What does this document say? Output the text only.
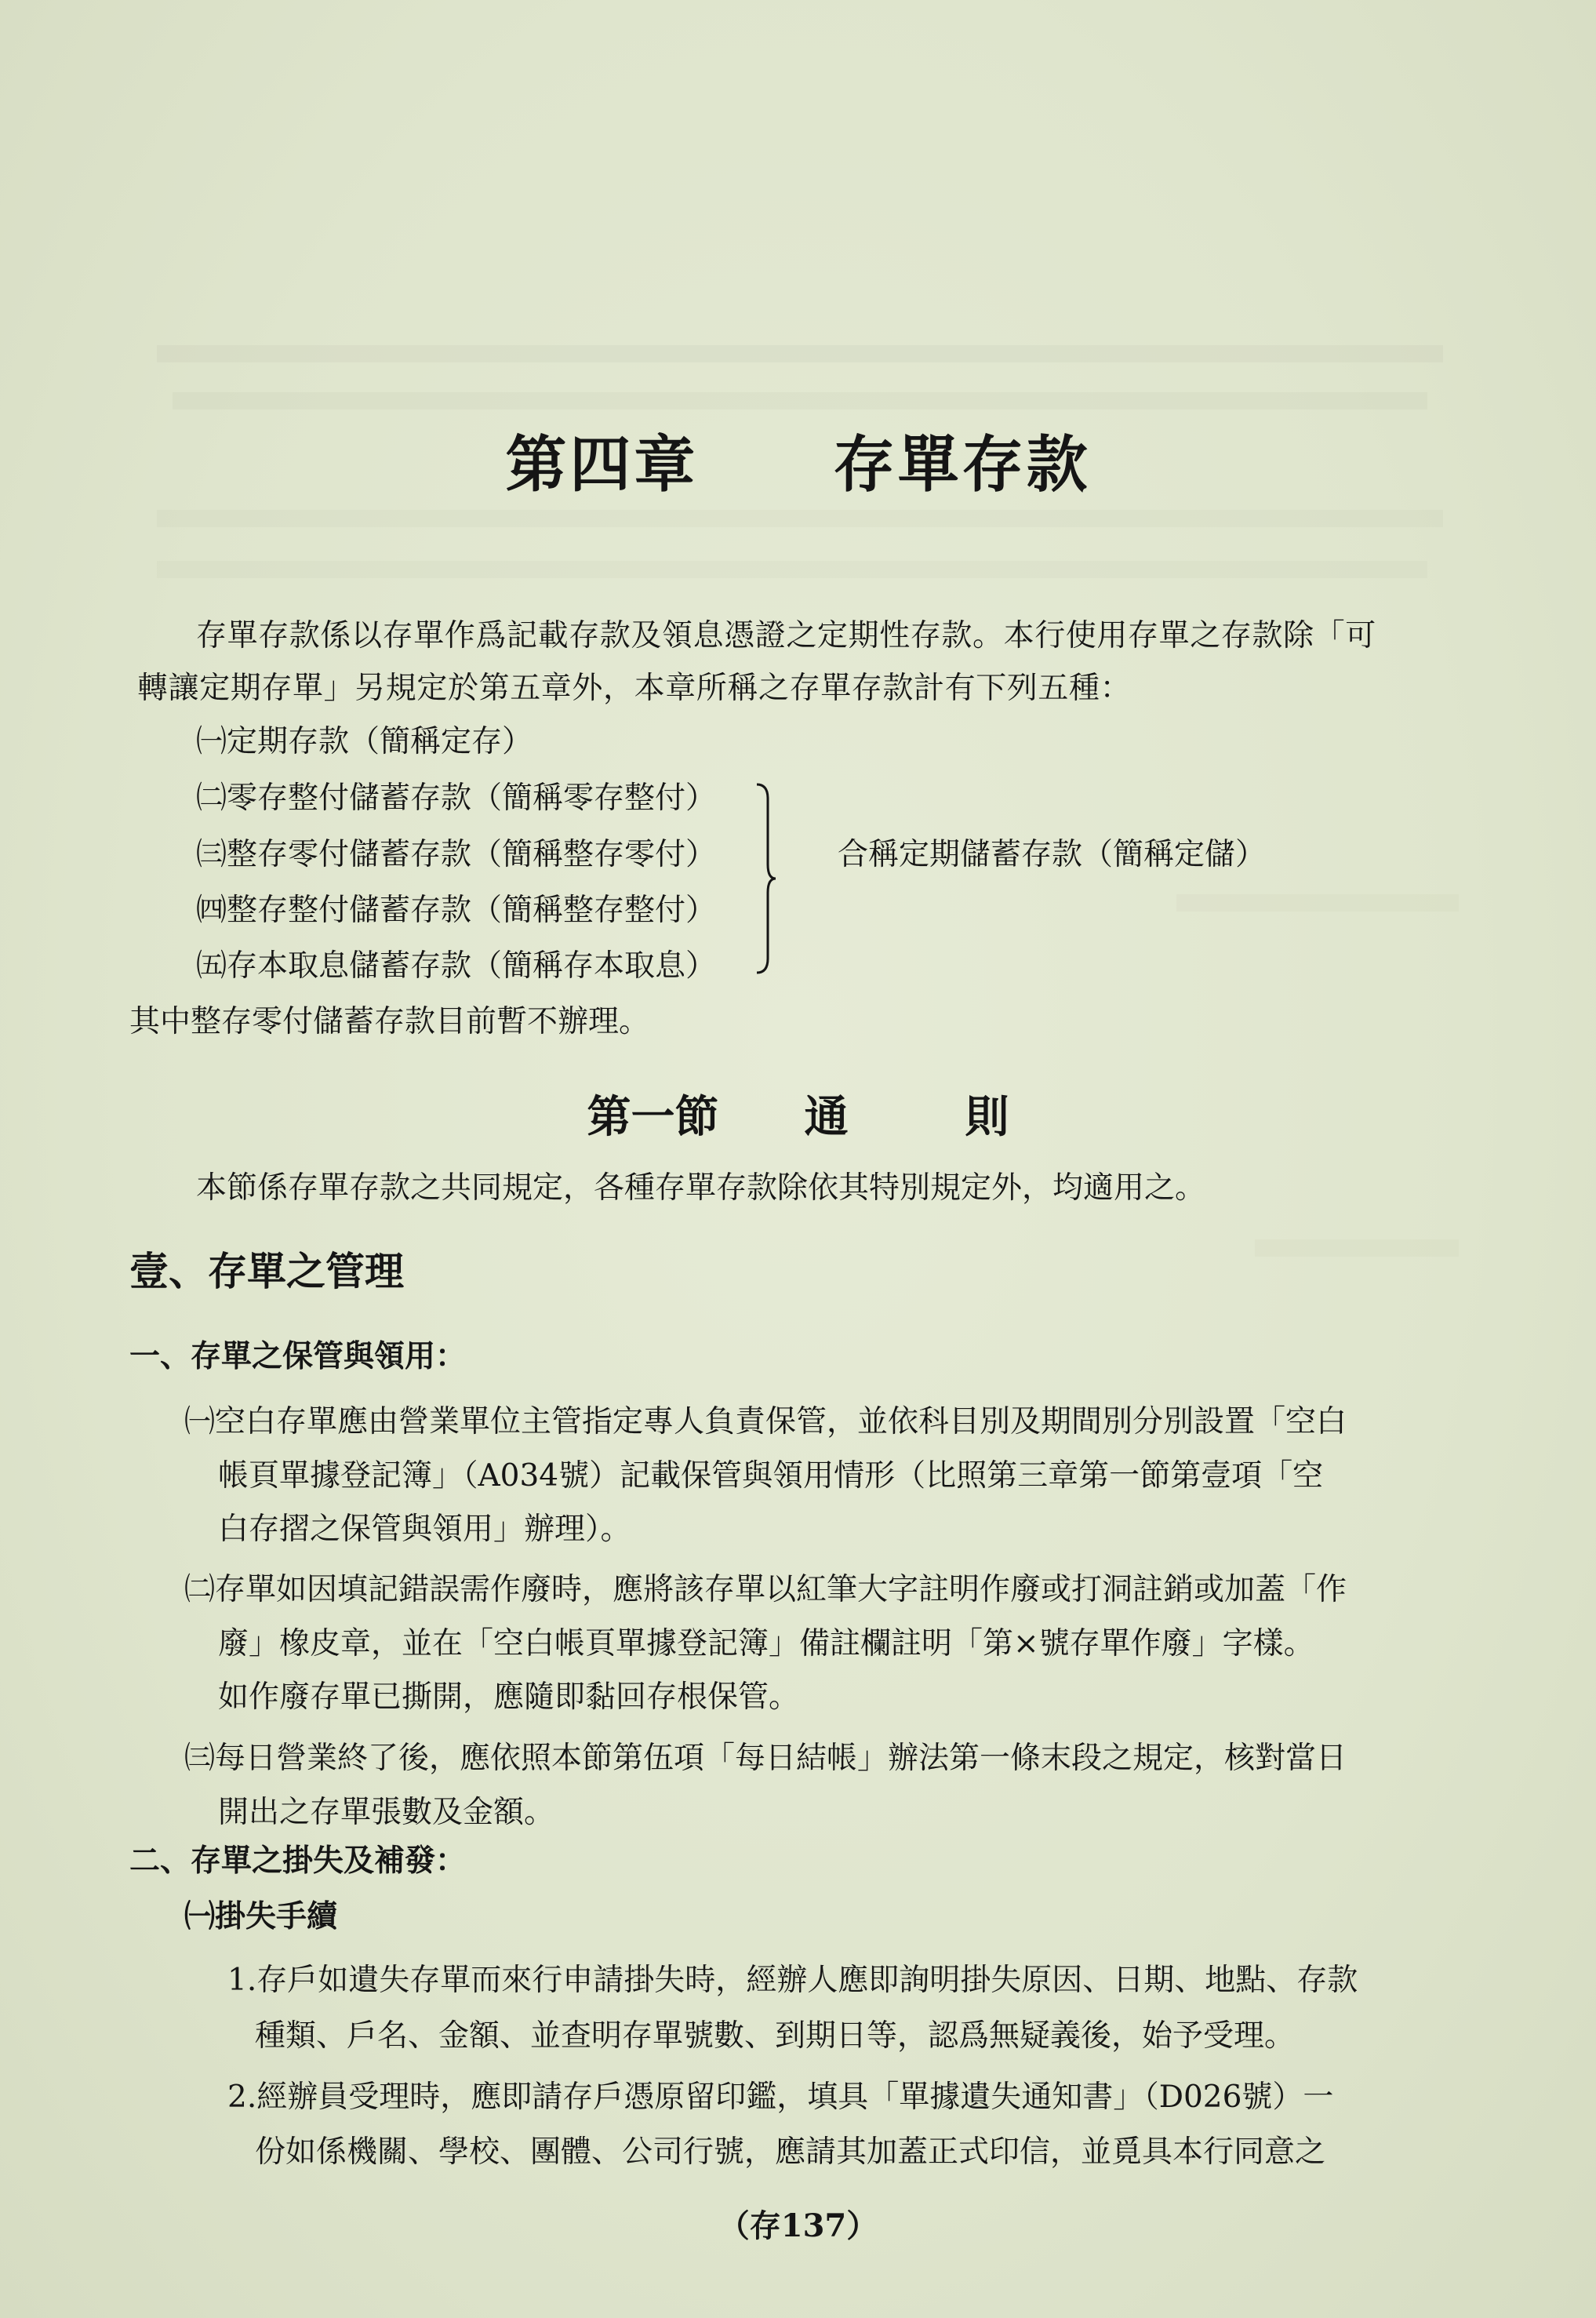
第四章 存單存款
存單存款係以存單作爲記載存款及領息憑證之定期性存款。本行使用存單之存款除「可
轉讓定期存單」另規定於第五章外，本章所稱之存單存款計有下列五種：
㈠定期存款（簡稱定存）
㈡零存整付儲蓄存款（簡稱零存整付）
㈢整存零付儲蓄存款（簡稱整存零付）
㈣整存整付儲蓄存款（簡稱整存整付）
㈤存本取息儲蓄存款（簡稱存本取息）
合稱定期儲蓄存款（簡稱定儲）
其中整存零付儲蓄存款目前暫不辦理。
第一節 通	則
本節係存單存款之共同規定，各種存單存款除依其特別規定外，均適用之。
壹、存單之管理
一、存單之保管與領用：
㈠空白存單應由營業單位主管指定專人負責保管，並依科目別及期間別分別設置「空白
帳頁單據登記簿」（A034號）記載保管與領用情形（比照第三章第一節第壹項「空
白存摺之保管與領用」辦理）。
㈡存單如因填記錯誤需作廢時，應將該存單以紅筆大字註明作廢或打洞註銷或加蓋「作
廢」橡皮章，並在「空白帳頁單據登記簿」備註欄註明「第×號存單作廢」字樣。
如作廢存單已撕開，應隨即黏回存根保管。
㈢每日營業終了後，應依照本節第伍項「每日結帳」辦法第一條末段之規定，核對當日
開出之存單張數及金額。
二、存單之掛失及補發：
㈠掛失手續
1.存戶如遺失存單而來行申請掛失時，經辦人應即詢明掛失原因、日期、地點、存款
種類、戶名、金額、並查明存單號數、到期日等，認爲無疑義後，始予受理。
2.經辦員受理時，應即請存戶憑原留印鑑，填具「單據遺失通知書」（D026號）一
份如係機關、學校、團體、公司行號，應請其加蓋正式印信，並覓具本行同意之
（存137）
